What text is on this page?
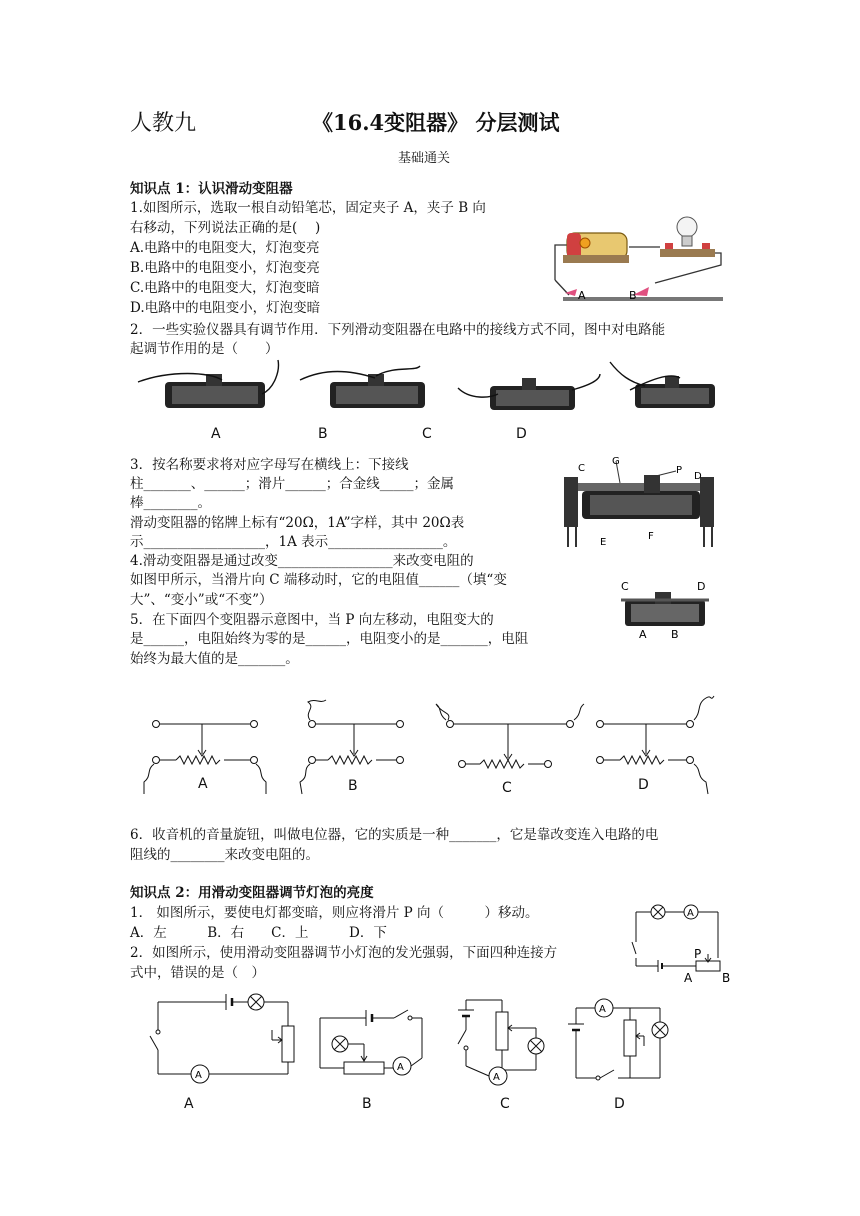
人教九	《16.4变阻器》 分层测试
基础通关
知识点 1：认识滑动变阻器
1.如图所示，选取一根自动铅笔芯，固定夹子 A，夹子 B 向
右移动，下列说法正确的是(　 )
A.电路中的电阻变大，灯泡变亮
B.电路中的电阻变小，灯泡变亮
C.电路中的电阻变大，灯泡变暗
D.电路中的电阻变小，灯泡变暗
A	B
2．一些实验仪器具有调节作用．下列滑动变阻器在电路中的接线方式不同，图中对电路能
起调节作用的是（　　）
A	B	C	D
3．按名称要求将对应字母写在横线上：下接线
柱_______、______；滑片______；合金线_____；金属
棒________。
滑动变阻器的铭牌上标有“20Ω，1A”字样，其中 20Ω表
示__________________，1A 表示_________________。
C
G
P
D
A	B
E
F
4.滑动变阻器是通过改变_________________来改变电阻的
如图甲所示，当滑片向 C 端移动时，它的电阻值______（填“变
大”、“变小”或“不变”）
C	D
A B
5．在下面四个变阻器示意图中，当 P 向左移动，电阻变大的
是______，电阻始终为零的是______，电阻变小的是_______，电阻
始终为最大值的是_______。
A	B	C	D
6．收音机的音量旋钮，叫做电位器，它的实质是一种_______，它是靠改变连入电路的电
阻线的________来改变电阻的。
知识点 2：用滑动变阻器调节灯泡的亮度
1． 如图所示，要使电灯都变暗，则应将滑片 P 向（　　　）移动。
A．左　　　B．右　　C．上　　　D．下
2．如图所示，使用滑动变阻器调节小灯泡的发光强弱，下面四种连接方
式中，错误的是（　）
A
P
A B
A
A
A
A
A	B	C	D
